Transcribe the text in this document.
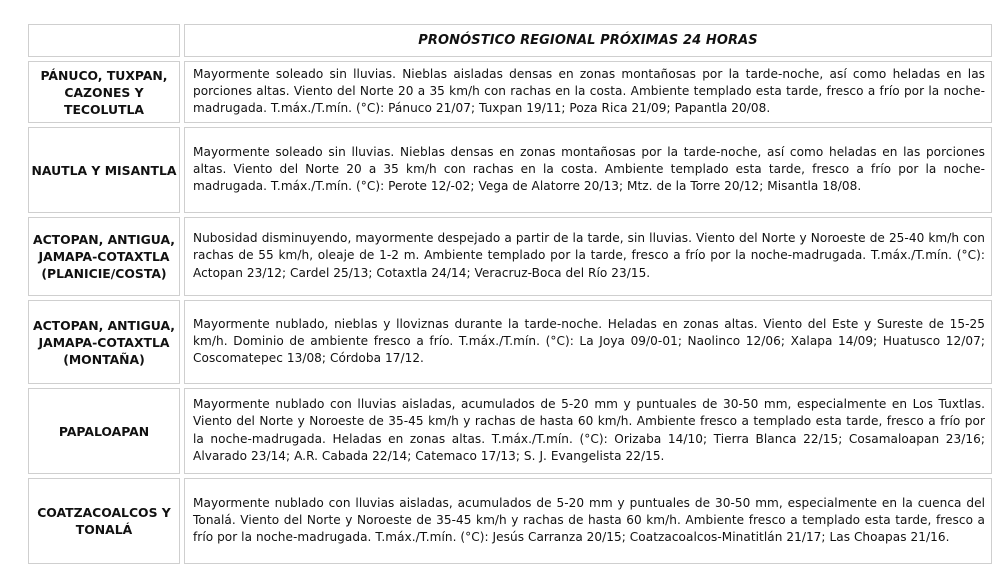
	PRONÓSTICO REGIONAL PRÓXIMAS 24 HORAS
PÁNUCO, TUXPAN, CAZONES Y TECOLUTLA	Mayormente soleado sin lluvias. Nieblas aisladas densas en zonas montañosas por la tarde-noche, así como heladas en las porciones altas. Viento del Norte 20 a 35 km/h con rachas en la costa. Ambiente templado esta tarde, fresco a frío por la noche-madrugada. T.máx./T.mín. (°C): Pánuco 21/07; Tuxpan 19/11; Poza Rica 21/09; Papantla 20/08.
NAUTLA Y MISANTLA	Mayormente soleado sin lluvias. Nieblas densas en zonas montañosas por la tarde-noche, así como heladas en las porciones altas. Viento del Norte 20 a 35 km/h con rachas en la costa. Ambiente templado esta tarde, fresco a frío por la noche-madrugada. T.máx./T.mín. (°C): Perote 12/-02; Vega de Alatorre 20/13; Mtz. de la Torre 20/12; Misantla 18/08.
ACTOPAN, ANTIGUA, JAMAPA-COTAXTLA (PLANICIE/COSTA)	Nubosidad disminuyendo, mayormente despejado a partir de la tarde, sin lluvias. Viento del Norte y Noroeste de 25-40 km/h con rachas de 55 km/h, oleaje de 1-2 m. Ambiente templado por la tarde, fresco a frío por la noche-madrugada. T.máx./T.mín. (°C): Actopan 23/12; Cardel 25/13; Cotaxtla 24/14; Veracruz-Boca del Río 23/15.
ACTOPAN, ANTIGUA, JAMAPA-COTAXTLA (MONTAÑA)	Mayormente nublado, nieblas y lloviznas durante la tarde-noche. Heladas en zonas altas. Viento del Este y Sureste de 15-25 km/h. Dominio de ambiente fresco a frío. T.máx./T.mín. (°C): La Joya 09/0-01; Naolinco 12/06; Xalapa 14/09; Huatusco 12/07; Coscomatepec 13/08; Córdoba 17/12.
PAPALOAPAN	Mayormente nublado con lluvias aisladas, acumulados de 5-20 mm y puntuales de 30-50 mm, especialmente en Los Tuxtlas. Viento del Norte y Noroeste de 35-45 km/h y rachas de hasta 60 km/h. Ambiente fresco a templado esta tarde, fresco a frío por la noche-madrugada. Heladas en zonas altas. T.máx./T.mín. (°C): Orizaba 14/10; Tierra Blanca 22/15; Cosamaloapan 23/16; Alvarado 23/14; A.R. Cabada 22/14; Catemaco 17/13; S. J. Evangelista 22/15.
COATZACOALCOS Y TONALÁ	Mayormente nublado con lluvias aisladas, acumulados de 5-20 mm y puntuales de 30-50 mm, especialmente en la cuenca del Tonalá. Viento del Norte y Noroeste de 35-45 km/h y rachas de hasta 60 km/h. Ambiente fresco a templado esta tarde, fresco a frío por la noche-madrugada. T.máx./T.mín. (°C): Jesús Carranza 20/15; Coatzacoalcos-Minatitlán 21/17; Las Choapas 21/16.
